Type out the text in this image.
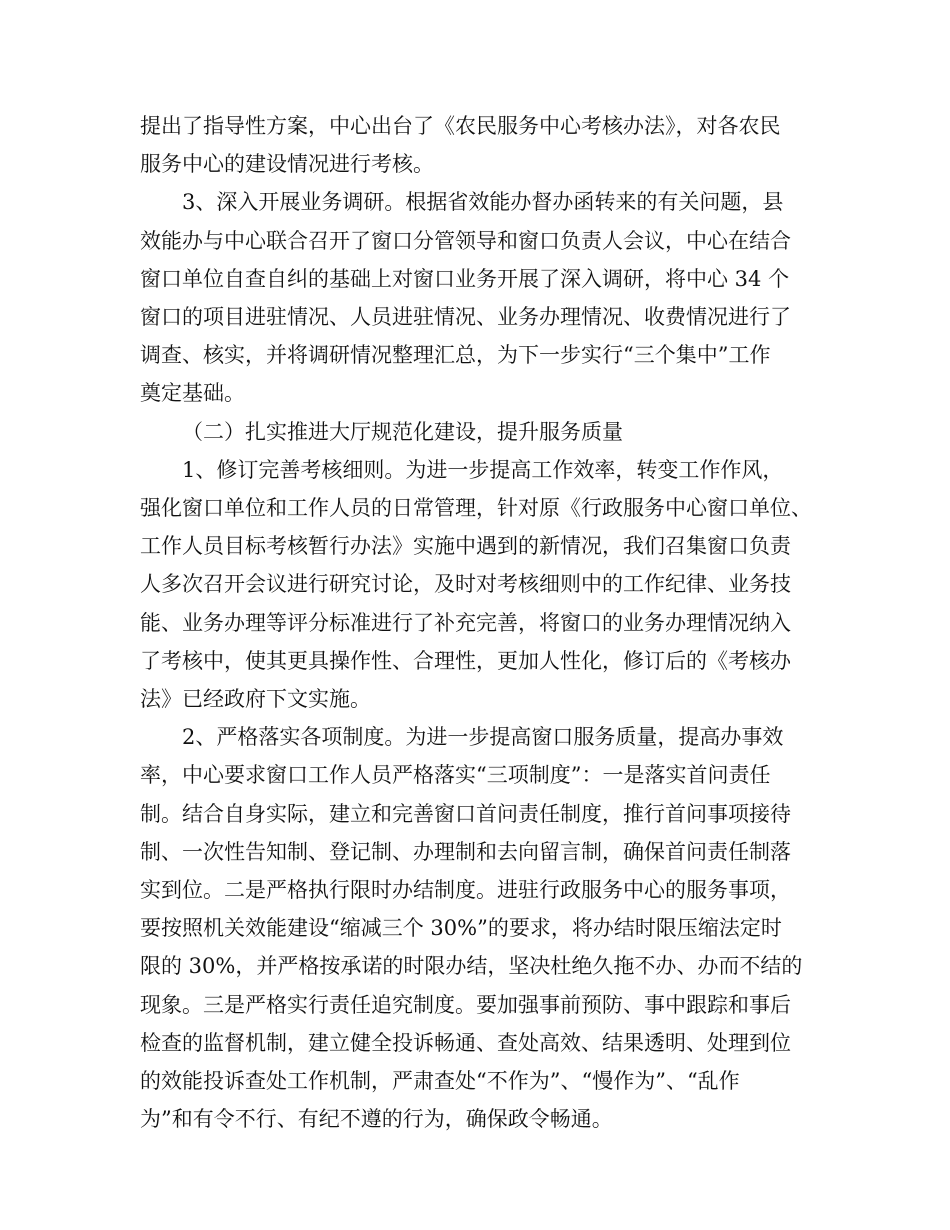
提出了指导性方案，中心出台了《农民服务中心考核办法》，对各农民

服务中心的建设情况进行考核。

3、深入开展业务调研。根据省效能办督办函转来的有关问题，县

效能办与中心联合召开了窗口分管领导和窗口负责人会议，中心在结合

窗口单位自查自纠的基础上对窗口业务开展了深入调研，将中心 34 个

窗口的项目进驻情况、人员进驻情况、业务办理情况、收费情况进行了

调查、核实，并将调研情况整理汇总，为下一步实行“三个集中”工作

奠定基础。

（二）扎实推进大厅规范化建设，提升服务质量

1、修订完善考核细则。为进一步提高工作效率，转变工作作风，

强化窗口单位和工作人员的日常管理，针对原《行政服务中心窗口单位、

工作人员目标考核暂行办法》实施中遇到的新情况，我们召集窗口负责

人多次召开会议进行研究讨论，及时对考核细则中的工作纪律、业务技

能、业务办理等评分标准进行了补充完善，将窗口的业务办理情况纳入

了考核中，使其更具操作性、合理性，更加人性化，修订后的《考核办

法》已经政府下文实施。

2、严格落实各项制度。为进一步提高窗口服务质量，提高办事效

率，中心要求窗口工作人员严格落实“三项制度”：一是落实首问责任

制。结合自身实际，建立和完善窗口首问责任制度，推行首问事项接待

制、一次性告知制、登记制、办理制和去向留言制，确保首问责任制落

实到位。二是严格执行限时办结制度。进驻行政服务中心的服务事项，

要按照机关效能建设“缩减三个 30%”的要求，将办结时限压缩法定时

限的 30%，并严格按承诺的时限办结，坚决杜绝久拖不办、办而不结的

现象。三是严格实行责任追究制度。要加强事前预防、事中跟踪和事后

检查的监督机制，建立健全投诉畅通、查处高效、结果透明、处理到位

的效能投诉查处工作机制，严肃查处“不作为”、“慢作为”、“乱作

为”和有令不行、有纪不遵的行为，确保政令畅通。
